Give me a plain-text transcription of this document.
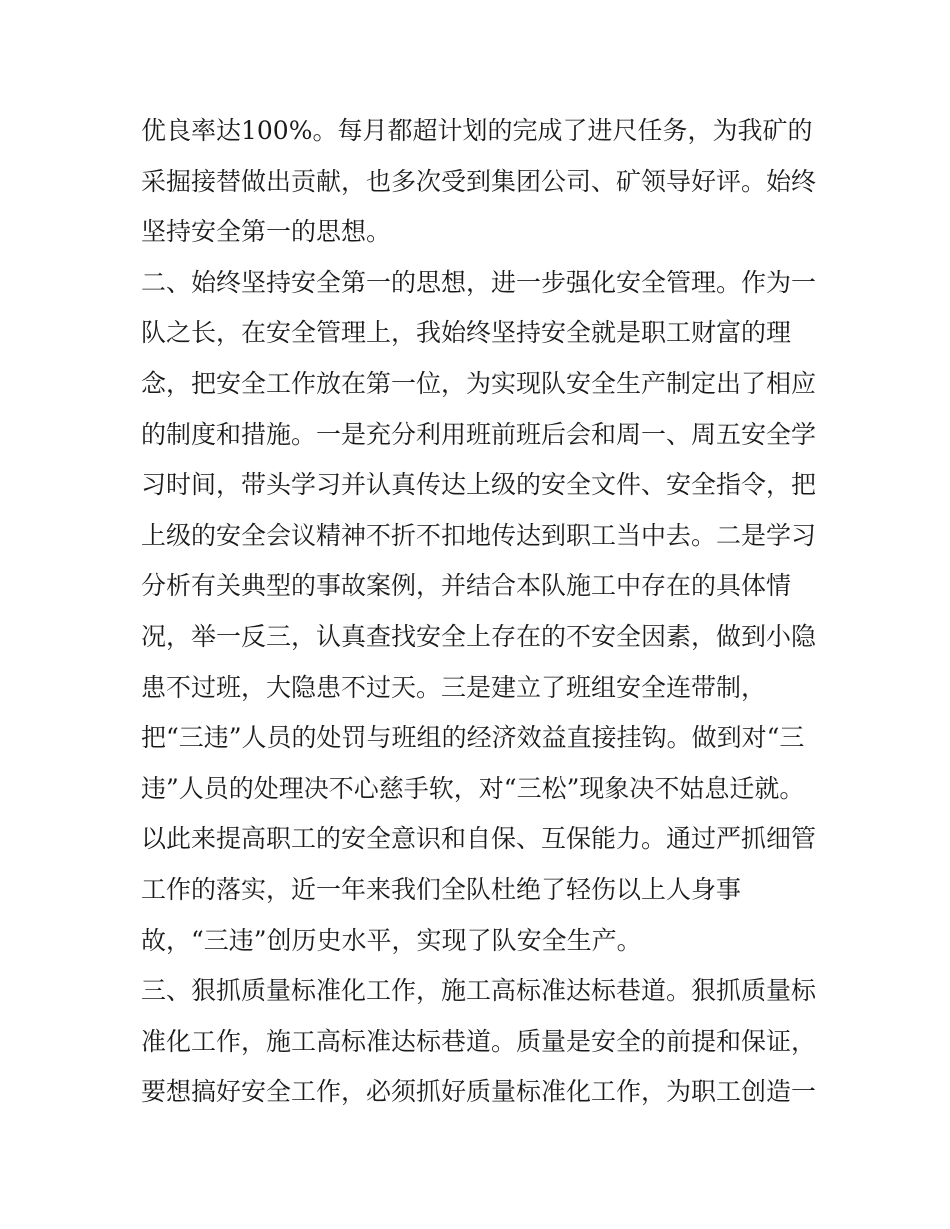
优良率达100%。每月都超计划的完成了进尺任务，为我矿的
采掘接替做出贡献，也多次受到集团公司、矿领导好评。始终
坚持安全第一的思想。
二、始终坚持安全第一的思想，进一步强化安全管理。作为一
队之长，在安全管理上，我始终坚持安全就是职工财富的理
念，把安全工作放在第一位，为实现队安全生产制定出了相应
的制度和措施。一是充分利用班前班后会和周一、周五安全学
习时间，带头学习并认真传达上级的安全文件、安全指令，把
上级的安全会议精神不折不扣地传达到职工当中去。二是学习
分析有关典型的事故案例，并结合本队施工中存在的具体情
况，举一反三，认真查找安全上存在的不安全因素，做到小隐
患不过班，大隐患不过天。三是建立了班组安全连带制，
把“三违”人员的处罚与班组的经济效益直接挂钩。做到对“三
违”人员的处理决不心慈手软，对“三松”现象决不姑息迁就。
以此来提高职工的安全意识和自保、互保能力。通过严抓细管
工作的落实，近一年来我们全队杜绝了轻伤以上人身事
故，“三违”创历史水平，实现了队安全生产。
三、狠抓质量标准化工作，施工高标准达标巷道。狠抓质量标
准化工作，施工高标准达标巷道。质量是安全的前提和保证，
要想搞好安全工作，必须抓好质量标准化工作，为职工创造一
